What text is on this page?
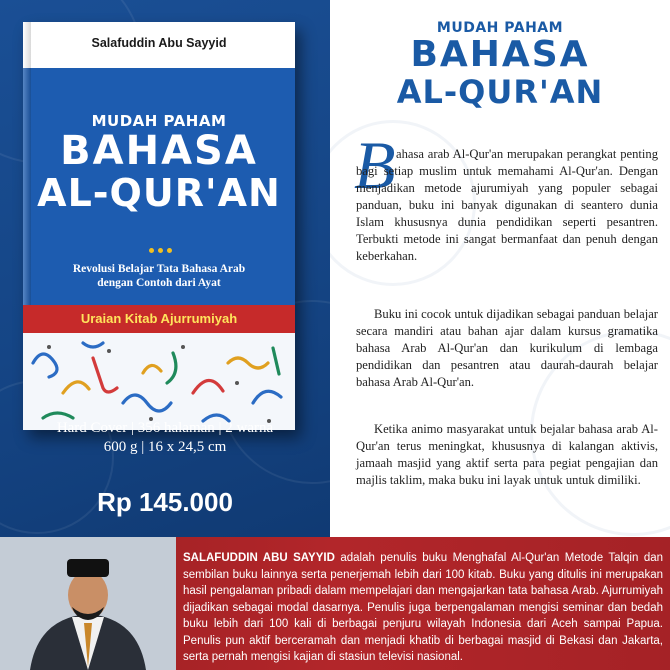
Salafuddin Abu Sayyid
MUDAH PAHAM
BAHASA
AL-QUR'AN
Revolusi Belajar Tata Bahasa Arab
dengan Contoh dari Ayat
Uraian Kitab Ajurrumiyah
Hard Cover | 356 halaman | 2 warna
600 g | 16 x 24,5 cm
Rp 145.000
MUDAH PAHAM
BAHASA
AL-QUR'AN
B ahasa arab Al-Qur'an merupakan perangkat penting bagi setiap muslim untuk memahami Al-Qur'an. Dengan menjadikan metode ajurumiyah yang populer sebagai panduan, buku ini banyak digunakan di seantero dunia Islam khususnya dunia pendidikan seperti pesantren. Terbukti metode ini sangat bermanfaat dan penuh dengan keberkahan.

Buku ini cocok untuk dijadikan sebagai panduan belajar secara mandiri atau bahan ajar dalam kursus gramatika bahasa Arab Al-Qur'an dan kurikulum di lembaga pendidikan dan pesantren atau daurah-daurah belajar bahasa Arab Al-Qur'an.

Ketika animo masyarakat untuk bejalar bahasa arab Al-Qur'an terus meningkat, khususnya di kalangan aktivis, jamaah masjid yang aktif serta para pegiat pengajian dan majlis taklim, maka buku ini layak untuk untuk dimiliki.

SALAFUDDIN ABU SAYYID adalah penulis buku Menghafal Al-Qur'an Metode Talqin dan sembilan buku lainnya serta penerjemah lebih dari 100 kitab. Buku yang ditulis ini merupakan hasil pengalaman pribadi dalam mempelajari dan mengajarkan tata bahasa Arab. Ajurrumiyah dijadikan sebagai modal dasarnya. Penulis juga berpengalaman mengisi seminar dan bedah buku lebih dari 100 kali di berbagai penjuru wilayah Indonesia dari Aceh sampai Papua. Penulis pun aktif berceramah dan menjadi khatib di berbagai masjid di Bekasi dan Jakarta, serta pernah mengisi kajian di stasiun televisi nasional.
